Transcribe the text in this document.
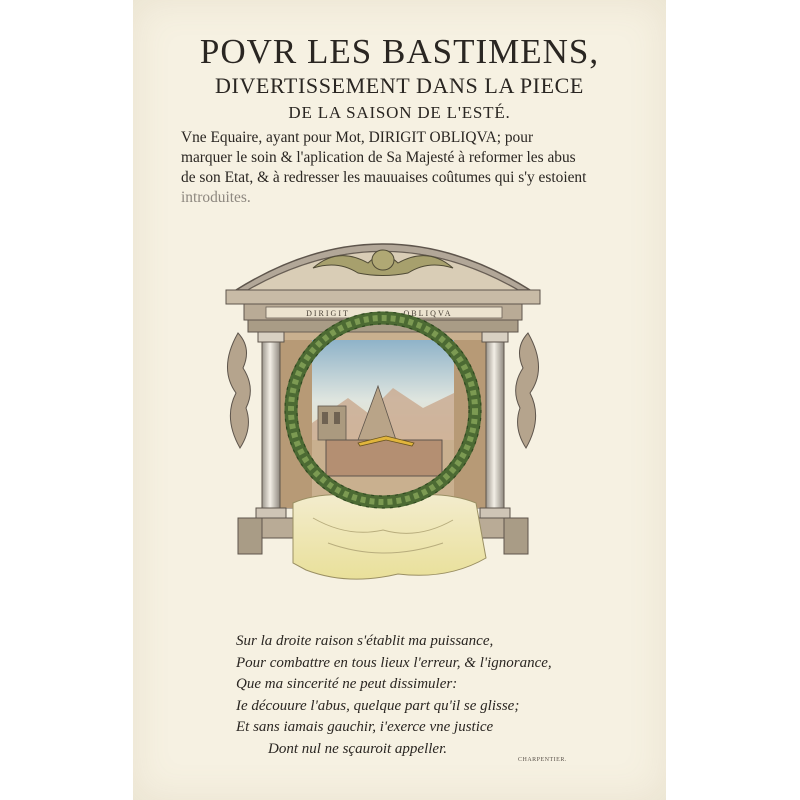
POVR LES BASTIMENS,
DIVERTISSEMENT DANS LA PIECE
DE LA SAISON DE L'ESTÉ.
Vne Equaire, ayant pour Mot, DIRIGIT OBLIQVA; pour
marquer le soin & l'aplication de Sa Majesté à reformer les abus
de son Etat, & à redresser les mauuaises coûtumes qui s'y estoient
introduites.
DIRIGIT	OBLIQVA
Sur la droite raison s'établit ma puissance,
Pour combattre en tous lieux l'erreur, & l'ignorance,
Que ma sincerité ne peut dissimuler:
Ie découure l'abus, quelque part qu'il se glisse;
Et sans iamais gauchir, i'exerce vne justice
Dont nul ne sçauroit appeller.
CHARPENTIER.
